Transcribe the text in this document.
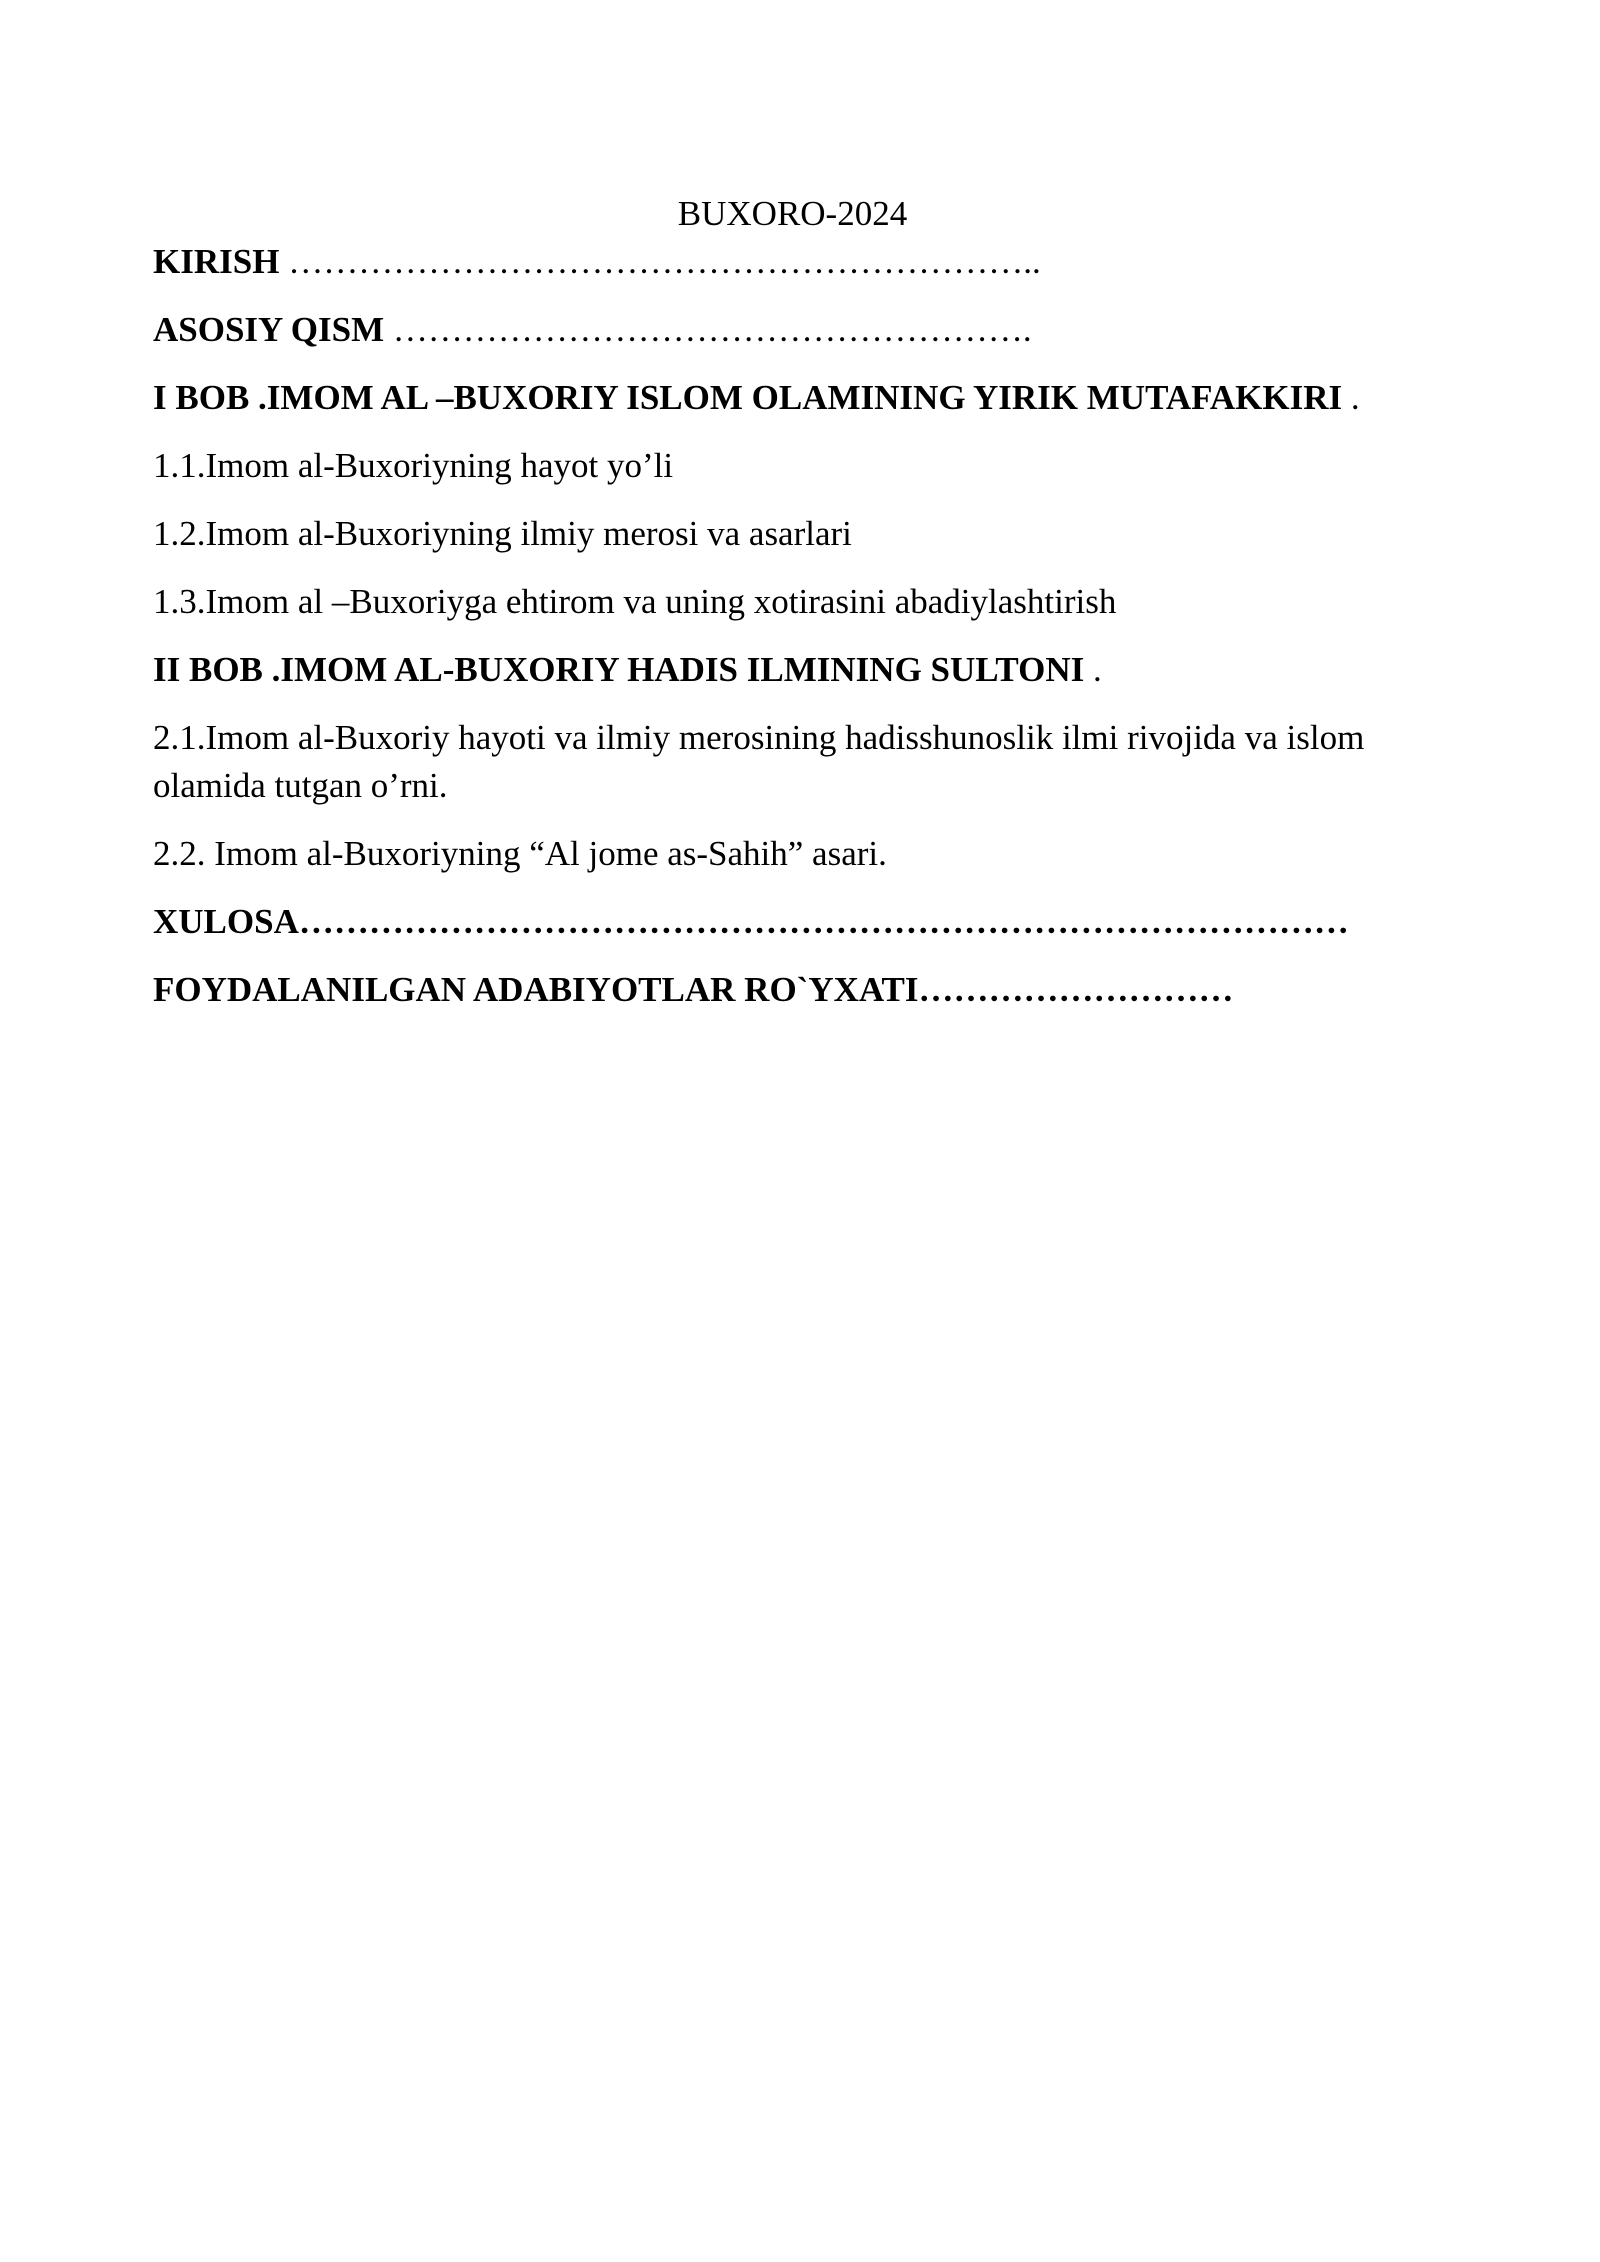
BUXORO-2024

KIRISH ………………………………………………………..

ASOSIY QISM ……………………………………………….

I BOB .IMOM AL –BUXORIY ISLOM OLAMINING YIRIK MUTAFAKKIRI .

1.1.Imom al-Buxoriyning hayot yo’li

1.2.Imom al-Buxoriyning ilmiy merosi va asarlari

1.3.Imom al –Buxoriyga ehtirom va uning xotirasini abadiylashtirish

II BOB .IMOM AL-BUXORIY HADIS ILMINING SULTONI .

2.1.Imom al-Buxoriy hayoti va ilmiy merosining hadisshunoslik ilmi rivojida va islom olamida tutgan o’rni.

2.2. Imom al-Buxoriyning “Al jome as-Sahih” asari.

XULOSA………………………………………………………………………………

FOYDALANILGAN ADABIYOTLAR RO`YXATI………………………
